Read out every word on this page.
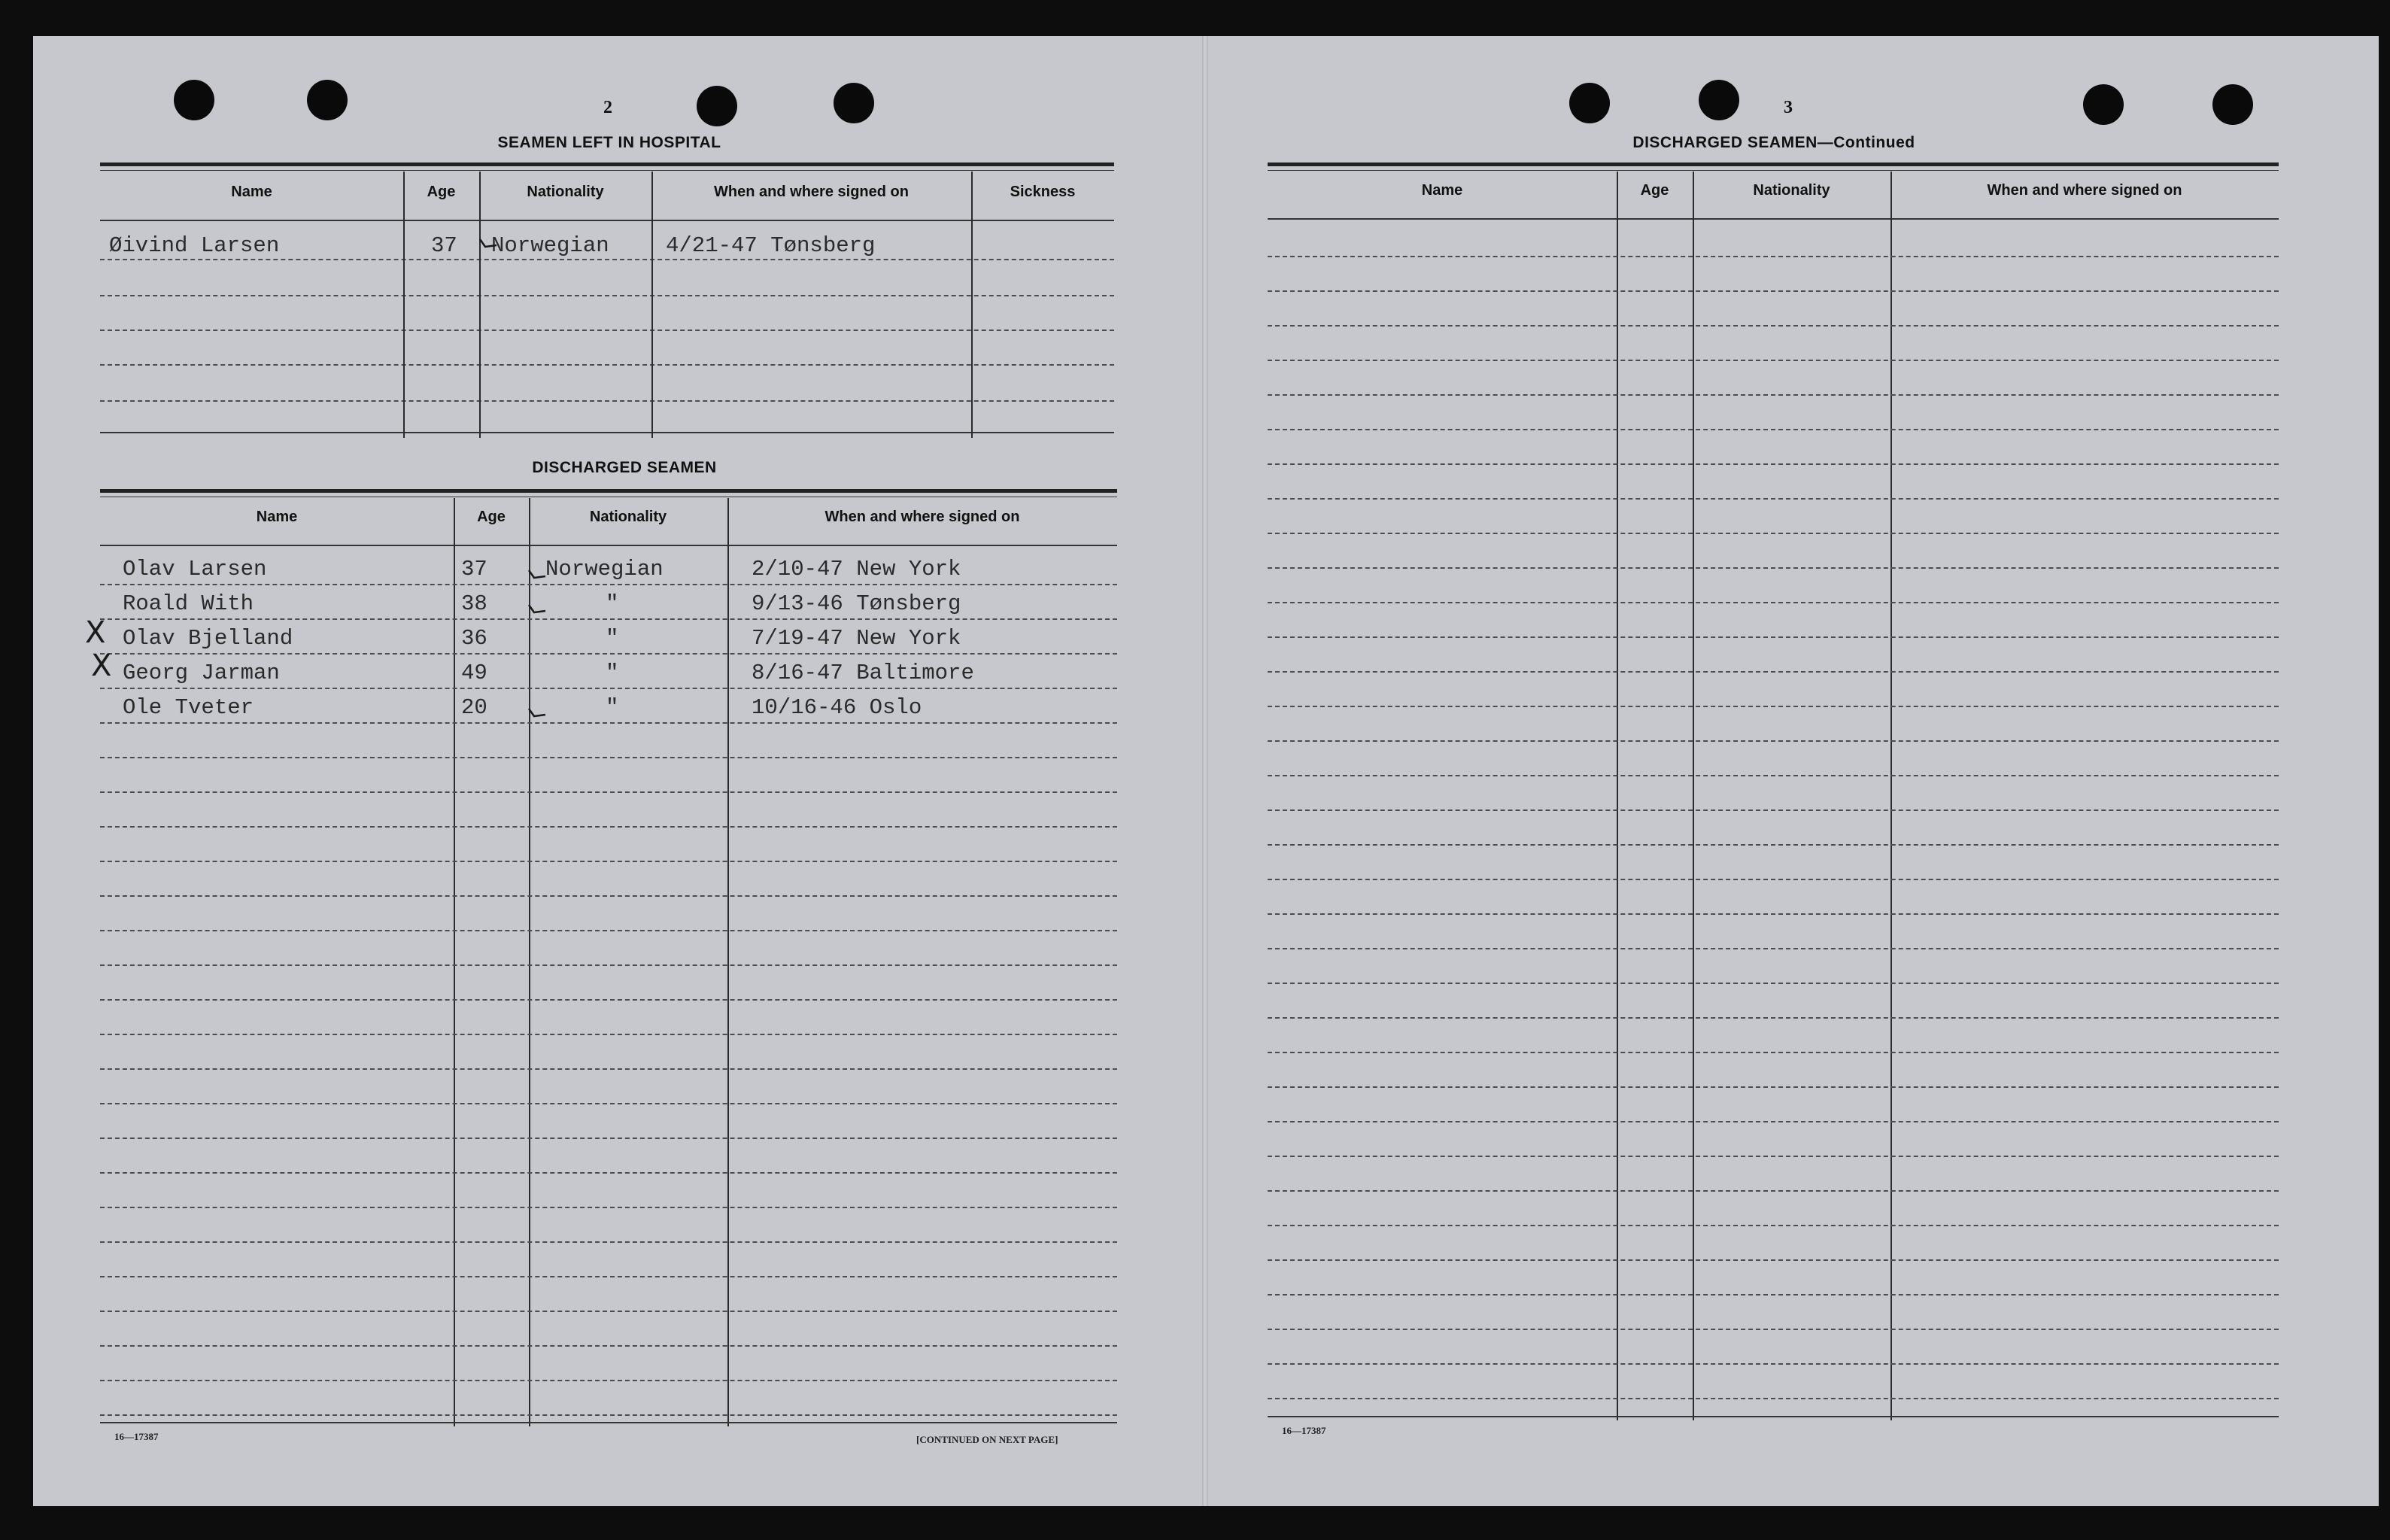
2
SEAMEN LEFT IN HOSPITAL
Name	Age	Nationality	When and where signed on	Sickness
Øivind Larsen	37 Norwegian	4/21-47 Tønsberg
DISCHARGED SEAMEN
Name	Age	Nationality	When and where signed on
Olav Larsen	37	Norwegian	2/10-47 New York
Roald With	38	"	9/13-46 Tønsberg
Olav Bjelland	36	"	7/19-47 New York
Georg Jarman	49	"	8/16-47 Baltimore
Ole Tveter	20	"	10/16-46 Oslo
X
X
16—17387	[CONTINUED ON NEXT PAGE]
3
DISCHARGED SEAMEN—Continued
Name	Age	Nationality	When and where signed on
16—17387
